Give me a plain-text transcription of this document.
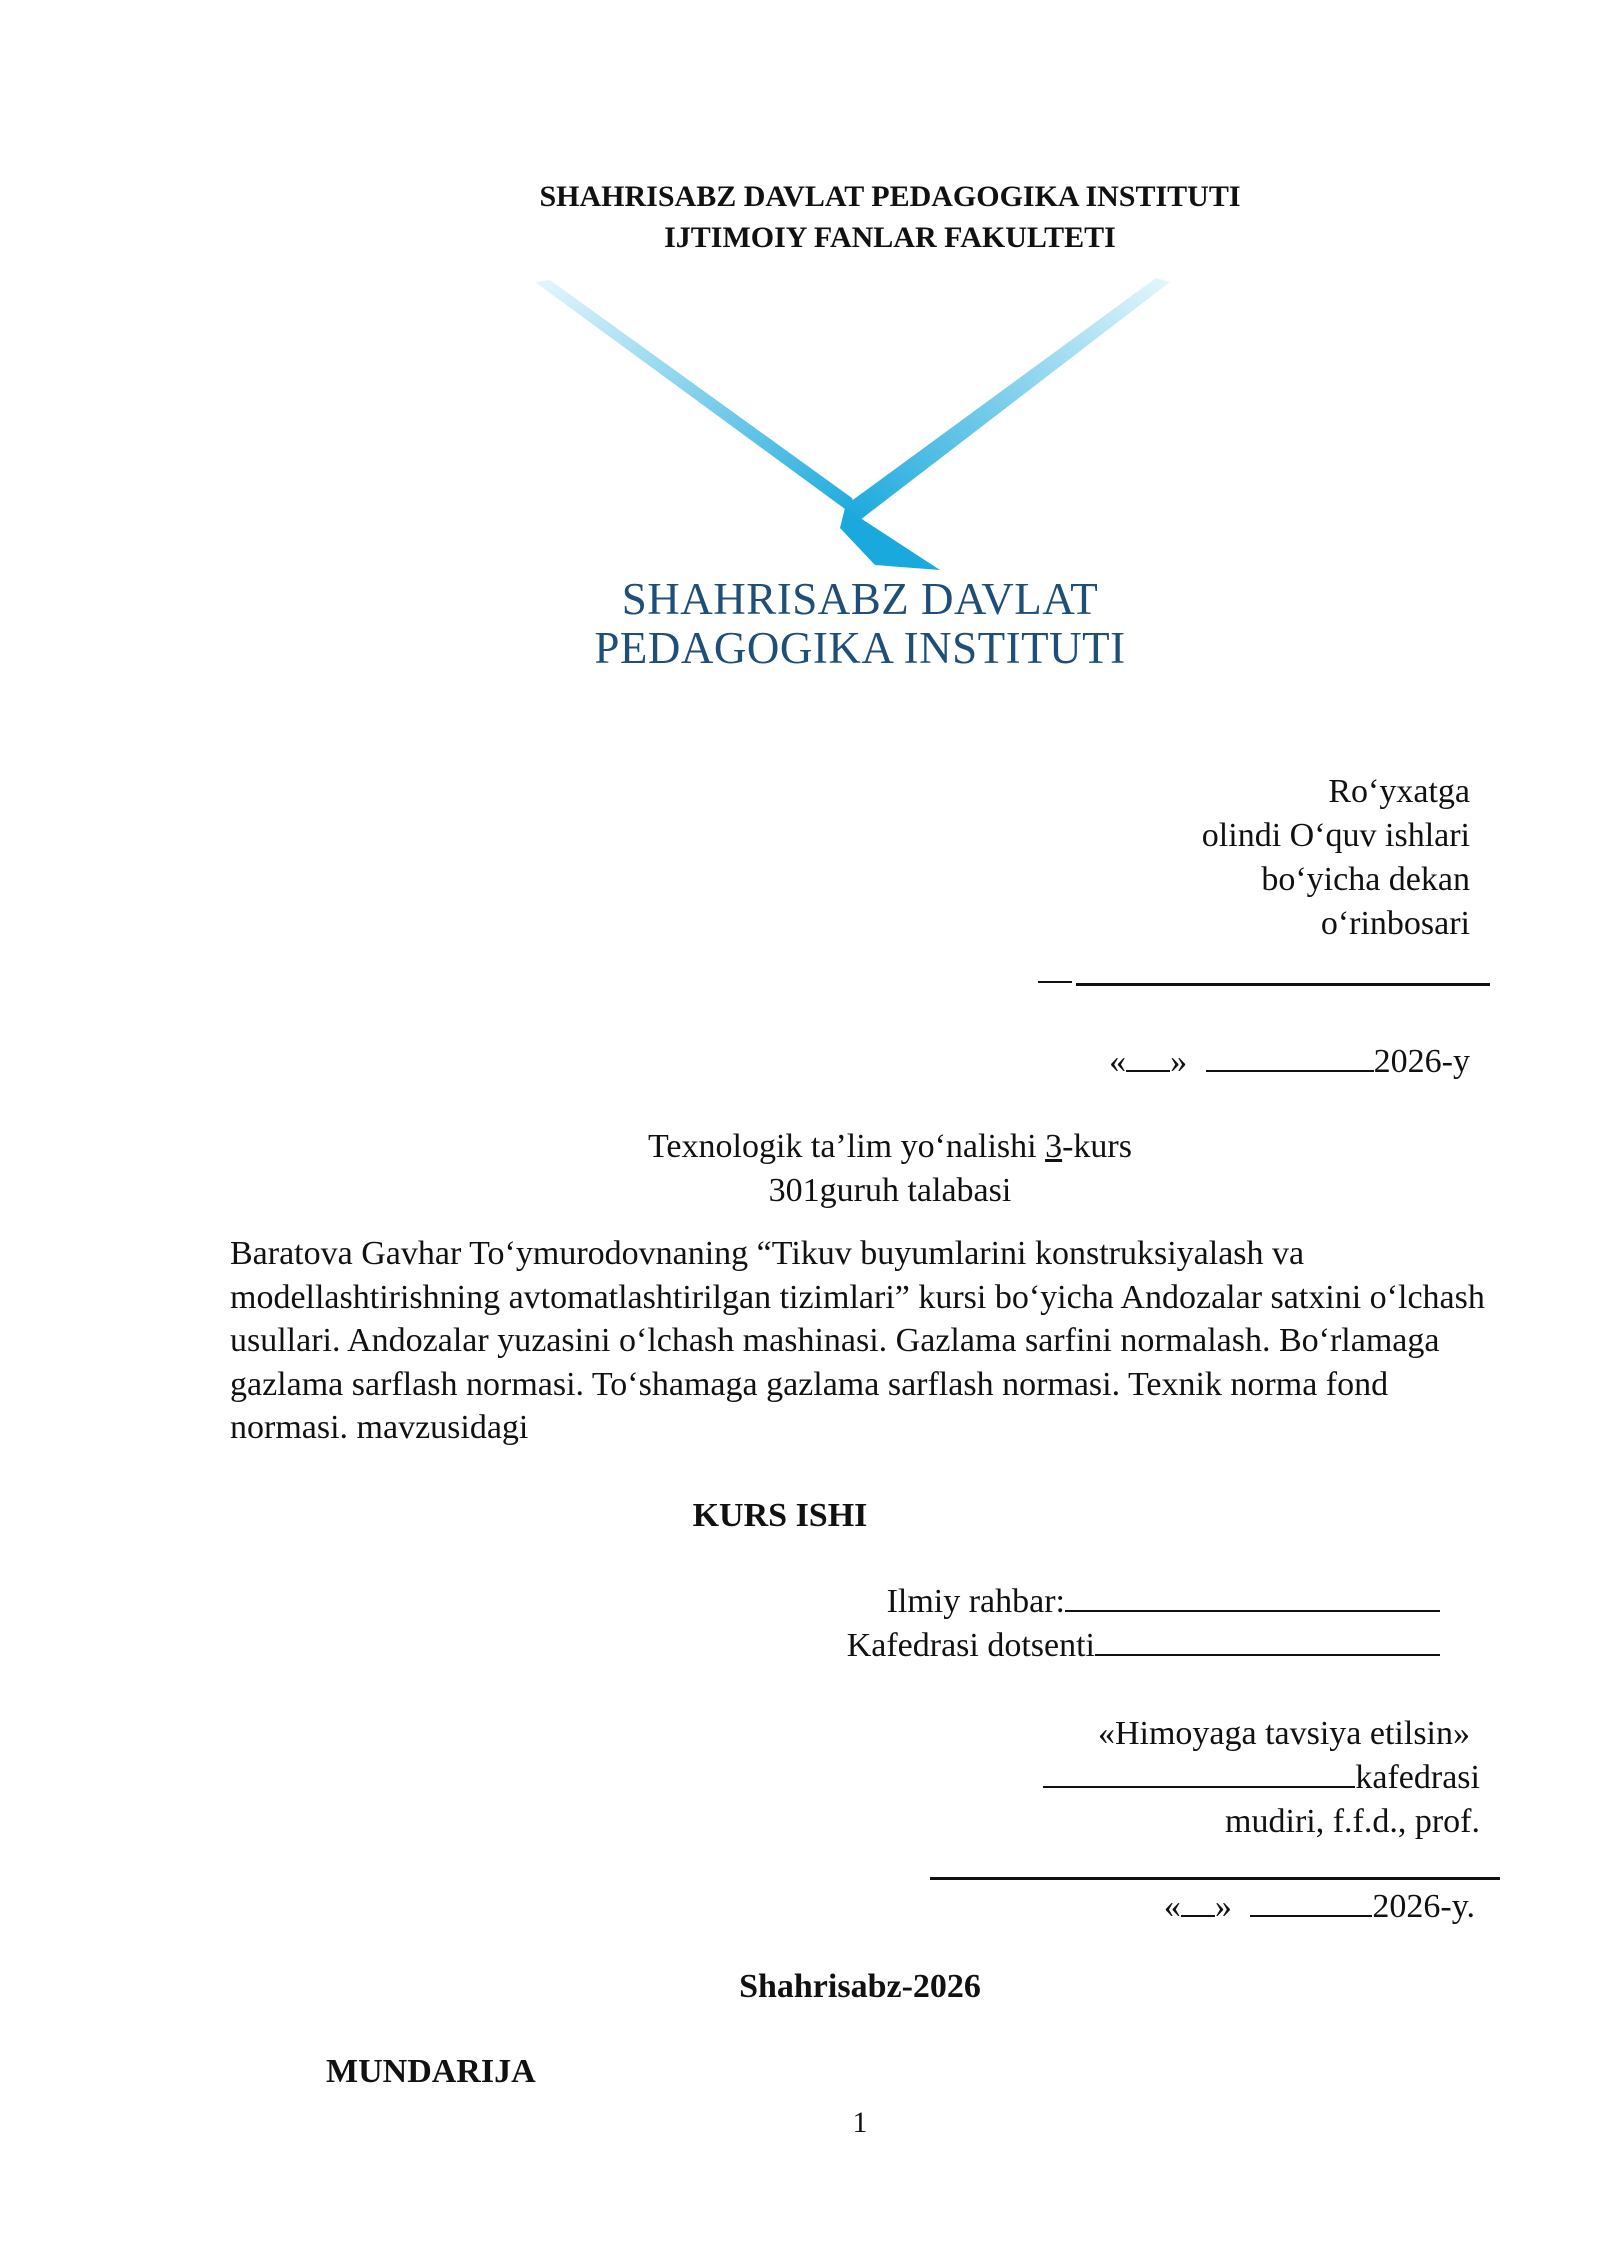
SHAHRISABZ DAVLAT PEDAGOGIKA INSTITUTI
IJTIMOIY FANLAR FAKULTETI
SHAHRISABZ DAVLAT
PEDAGOGIKA INSTITUTI
Ro‘yxatga
olindi O‘quv ishlari
bo‘yicha dekan
o‘rinbosari
« »	2026-y
Texnologik ta’lim yo‘nalishi 3-kurs
301guruh talabasi
Baratova Gavhar To‘ymurodovnaning “Tikuv buyumlarini konstruksiyalash va modellashtirishning avtomatlashtirilgan tizimlari” kursi bo‘yicha Andozalar satxini o‘lchash usullari. Andozalar yuzasini o‘lchash mashinasi. Gazlama sarfini normalash. Bo‘rlamaga gazlama sarflash normasi. To‘shamaga gazlama sarflash normasi. Texnik norma fond normasi. mavzusidagi
KURS ISHI
Ilmiy rahbar:
Kafedrasi dotsenti
«Himoyaga tavsiya etilsin»
kafedrasi
mudiri, f.f.d., prof.
« »	2026-y.
Shahrisabz-2026
MUNDARIJA
1
